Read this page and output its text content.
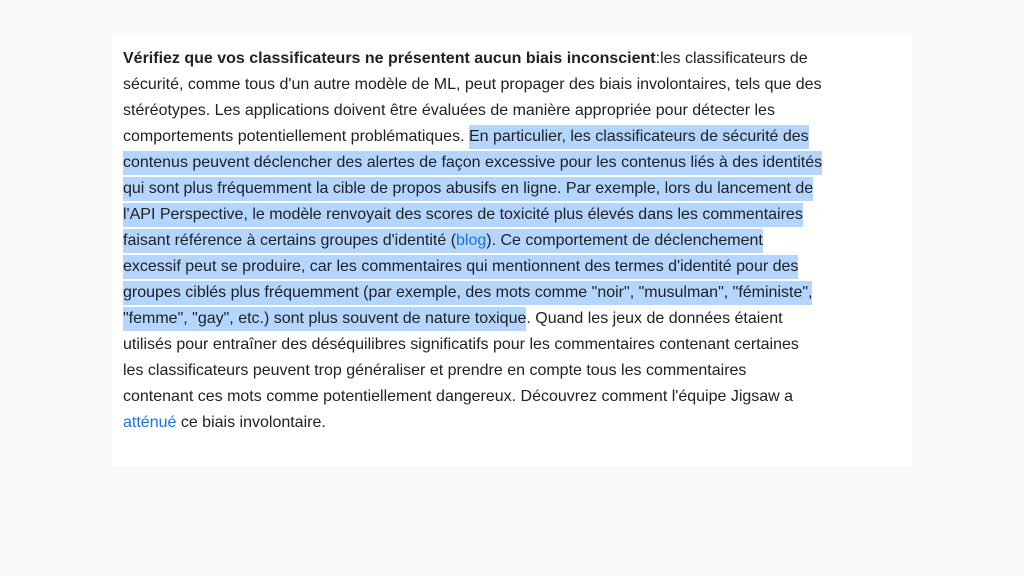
Vérifiez que vos classificateurs ne présentent aucun biais inconscient:les classificateurs de
sécurité, comme tous d'un autre modèle de ML, peut propager des biais involontaires, tels que des
stéréotypes. Les applications doivent être évaluées de manière appropriée pour détecter les
comportements potentiellement problématiques. En particulier, les classificateurs de sécurité des
contenus peuvent déclencher des alertes de façon excessive pour les contenus liés à des identités
qui sont plus fréquemment la cible de propos abusifs en ligne. Par exemple, lors du lancement de
l'API Perspective, le modèle renvoyait des scores de toxicité plus élevés dans les commentaires
faisant référence à certains groupes d'identité (blog). Ce comportement de déclenchement
excessif peut se produire, car les commentaires qui mentionnent des termes d'identité pour des
groupes ciblés plus fréquemment (par exemple, des mots comme "noir", "musulman", "féministe",
"femme", "gay", etc.) sont plus souvent de nature toxique. Quand les jeux de données étaient
utilisés pour entraîner des déséquilibres significatifs pour les commentaires contenant certaines
les classificateurs peuvent trop généraliser et prendre en compte tous les commentaires
contenant ces mots comme potentiellement dangereux. Découvrez comment l'équipe Jigsaw a
atténué ce biais involontaire.
